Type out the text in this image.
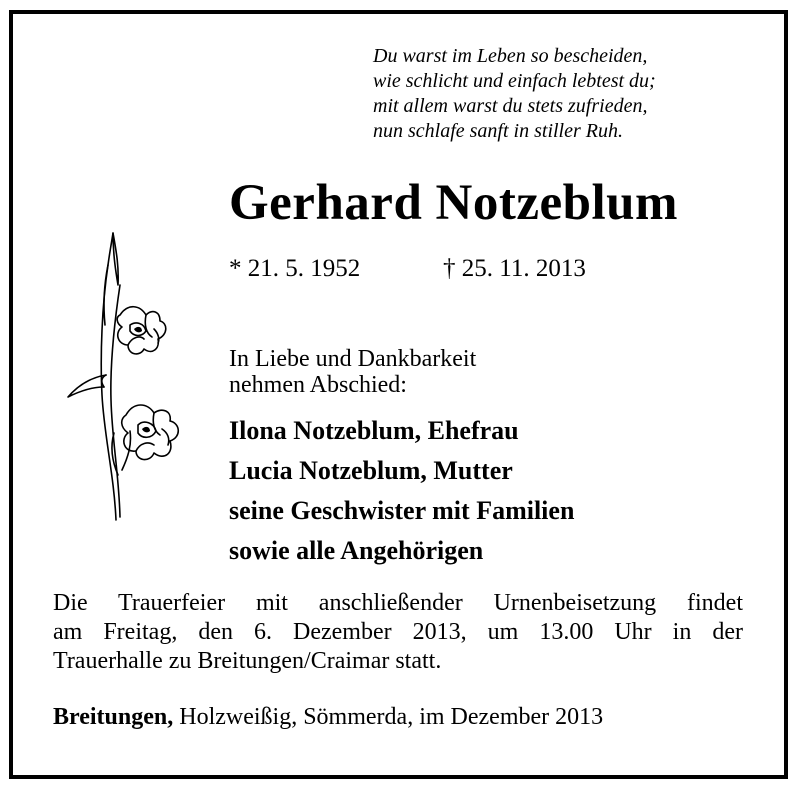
Du warst im Leben so bescheiden,
wie schlicht und einfach lebtest du;
mit allem warst du stets zufrieden,
nun schlafe sanft in stiller Ruh.
Gerhard Notzeblum
* 21. 5. 1952	† 25. 11. 2013
In Liebe und Dankbarkeit
nehmen Abschied:
Ilona Notzeblum, Ehefrau
Lucia Notzeblum, Mutter
seine Geschwister mit Familien
sowie alle Angehörigen
Die Trauerfeier mit anschließender Urnenbeisetzung findet
am Freitag, den 6. Dezember 2013, um 13.00 Uhr in der
Trauerhalle zu Breitungen/Craimar statt.
Breitungen, Holzweißig, Sömmerda, im Dezember 2013
